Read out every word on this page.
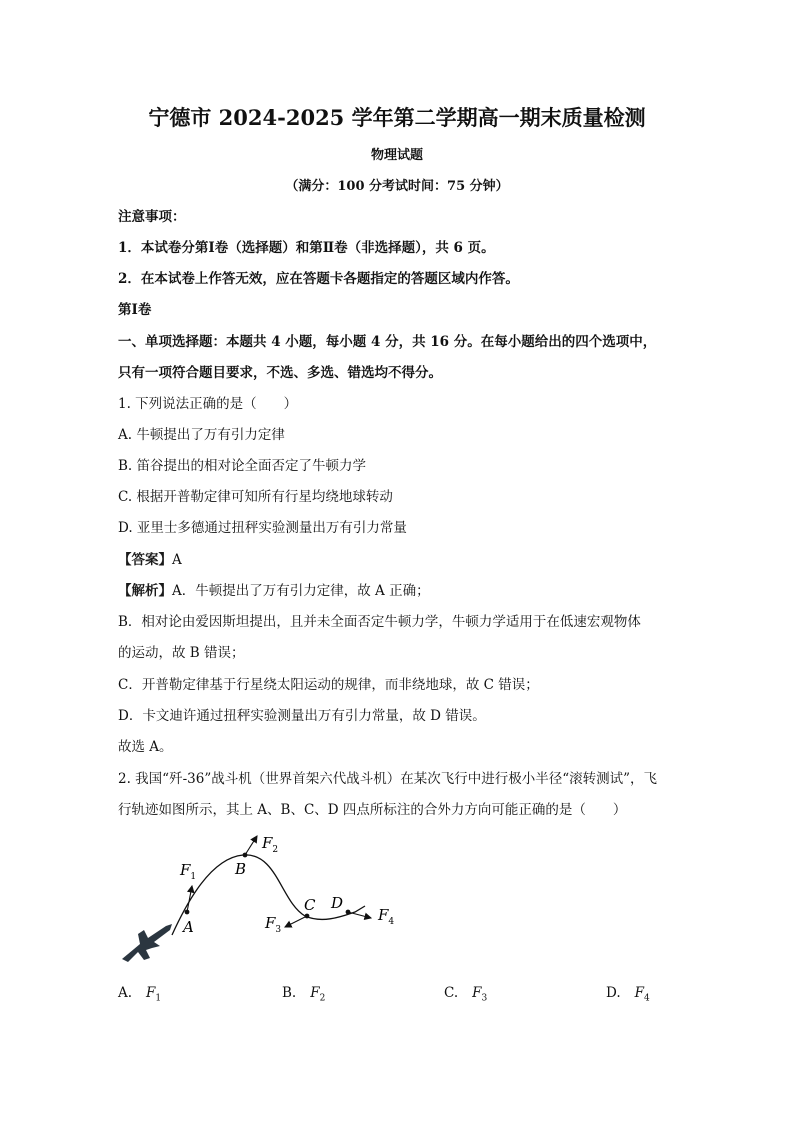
宁德市 2024-2025 学年第二学期高一期末质量检测
物理试题
（满分：100 分考试时间：75 分钟）
注意事项：
1．本试卷分第Ⅰ卷（选择题）和第Ⅱ卷（非选择题），共 6 页。
2．在本试卷上作答无效，应在答题卡各题指定的答题区域内作答。
第Ⅰ卷
一、单项选择题：本题共 4 小题，每小题 4 分，共 16 分。在每小题给出的四个选项中，
只有一项符合题目要求，不选、多选、错选均不得分。
1. 下列说法正确的是（　　）
A. 牛顿提出了万有引力定律
B. 笛谷提出的相对论全面否定了牛顿力学
C. 根据开普勒定律可知所有行星均绕地球转动
D. 亚里士多德通过扭秤实验测量出万有引力常量
【答案】A
【解析】A．牛顿提出了万有引力定律，故 A 正确；
B．相对论由爱因斯坦提出，且并未全面否定牛顿力学，牛顿力学适用于在低速宏观物体
的运动，故 B 错误；
C．开普勒定律基于行星绕太阳运动的规律，而非绕地球，故 C 错误；
D．卡文迪许通过扭秤实验测量出万有引力常量，故 D 错误。
故选 A。
2. 我国“歼-36”战斗机（世界首架六代战斗机）在某次飞行中进行极小半径“滚转测试”，飞
行轨迹如图所示，其上 A、B、C、D 四点所标注的合外力方向可能正确的是（　　）
A
B
C D
$F_1$
$F_2$
$F_3$
$F_4$
A. $F_1$	B. $F_2$	C. $F_3$	D. $F_4$
